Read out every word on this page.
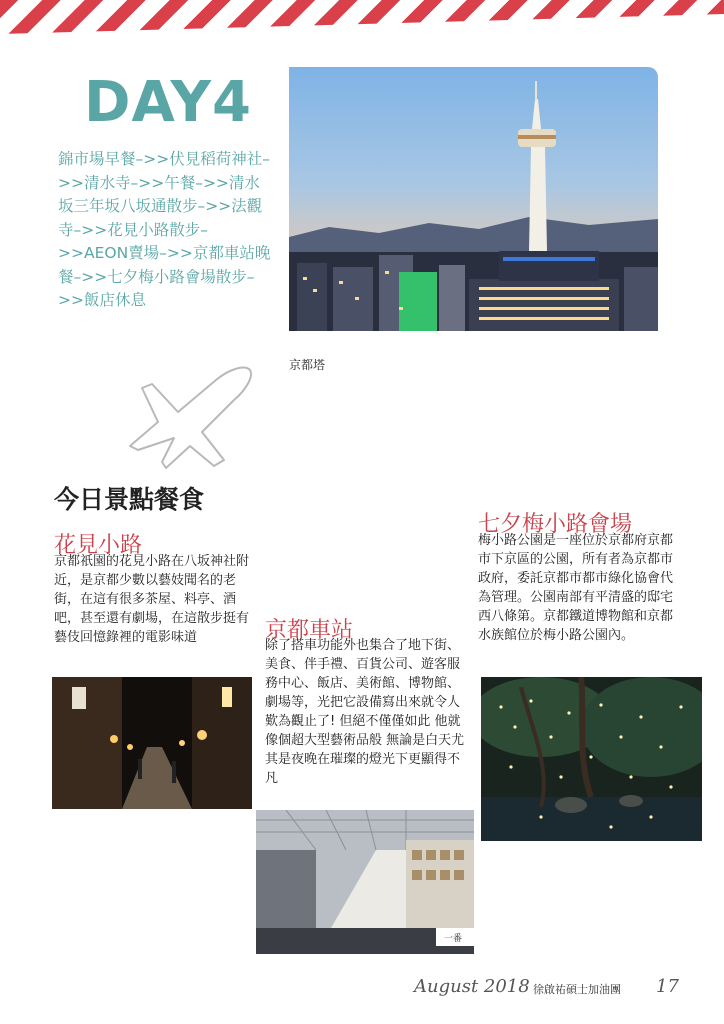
DAY4
錦市場早餐–>>伏見稻荷神社–>>清水寺–>>午餐–>>清水坂三年坂八坂通散步–>>法觀寺–>>花見小路散步–>>AEON賣場–>>京都車站晚餐–>>七夕梅小路會場散步–>>飯店休息
京都塔
今日景點餐食
花見小路
京都祇園的花見小路在八坂神社附近，是京都少數以藝妓聞名的老街，在這有很多茶屋、料亭、酒吧，甚至還有劇場，在這散步挺有藝伎回憶錄裡的電影味道	京都車站
除了搭車功能外也集合了地下街、美食、伴手禮、百貨公司、遊客服務中心、飯店、美術館、博物館、劇場等，光把它設備寫出來就令人歎為觀止了! 但絕不僅僅如此 他就像個超大型藝術品般 無論是白天尤其是夜晚在璀璨的燈光下更顯得不凡
一番
七夕梅小路會場
梅小路公園是一座位於京都府京都市下京區的公園，所有者為京都市政府，委託京都市都市綠化協會代為管理。公園南部有平清盛的邸宅西八條第。京都鐵道博物館和京都水族館位於梅小路公園內。
August 2018 徐啟祐碩士加油團 17
